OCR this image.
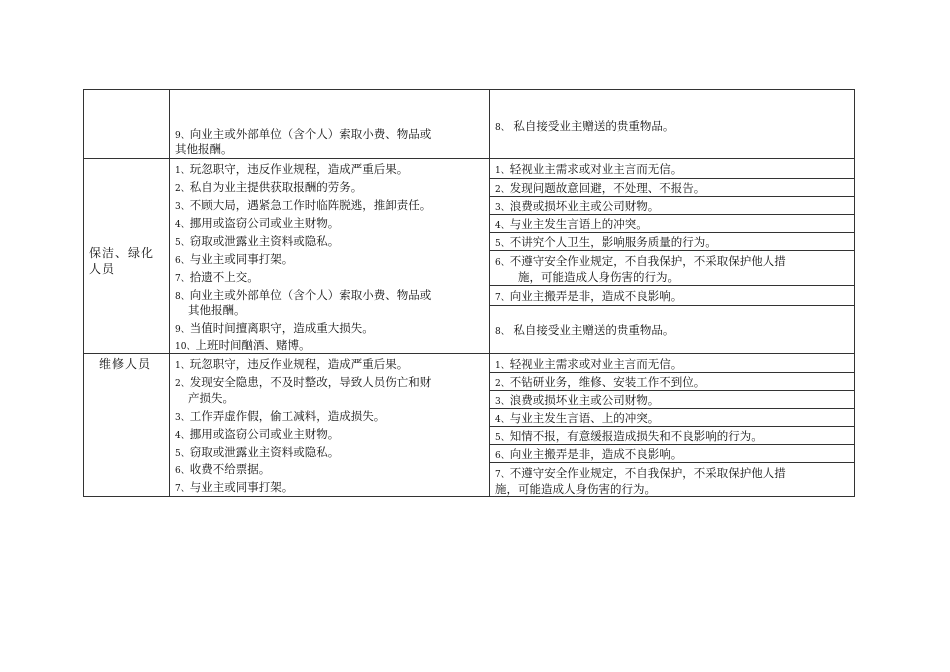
9、向业主或外部单位（含个人）索取小费、物品或
其他报酬。
8、 私自接受业主赠送的贵重物品。
保洁、绿化
人员
1、玩忽职守，违反作业规程，造成严重后果。
2、私自为业主提供获取报酬的劳务。
3、不顾大局，遇紧急工作时临阵脱逃，推卸责任。
4、挪用或盗窃公司或业主财物。
5、窃取或泄露业主资料或隐私。
6、与业主或同事打架。
7、拾遗不上交。
8、向业主或外部单位（含个人）索取小费、物品或
其他报酬。
9、当值时间擅离职守，造成重大损失。
10、上班时间酗酒、赌博。
1、轻视业主需求或对业主言而无信。
2、发现问题故意回避，不处理、不报告。
3、浪费或损坏业主或公司财物。
4、与业主发生言语上的冲突。
5、不讲究个人卫生，影响服务质量的行为。
6、不遵守安全作业规定，不自我保护，不采取保护他人措
施，可能造成人身伤害的行为。
7、向业主搬弄是非，造成不良影响。
8、 私自接受业主赠送的贵重物品。
维修人员	1、玩忽职守，违反作业规程，造成严重后果。
2、发现安全隐患，不及时整改，导致人员伤亡和财
产损失。
3、工作弄虚作假，偷工减料，造成损失。
4、挪用或盗窃公司或业主财物。
5、窃取或泄露业主资料或隐私。
6、收费不给票据。
7、与业主或同事打架。
1、轻视业主需求或对业主言而无信。
2、不钻研业务，维修、安装工作不到位。
3、浪费或损坏业主或公司财物。
4、与业主发生言语、上的冲突。
5、知情不报，有意缓报造成损失和不良影响的行为。
6、向业主搬弄是非，造成不良影响。
7、不遵守安全作业规定，不自我保护，不采取保护他人措
施，可能造成人身伤害的行为。
